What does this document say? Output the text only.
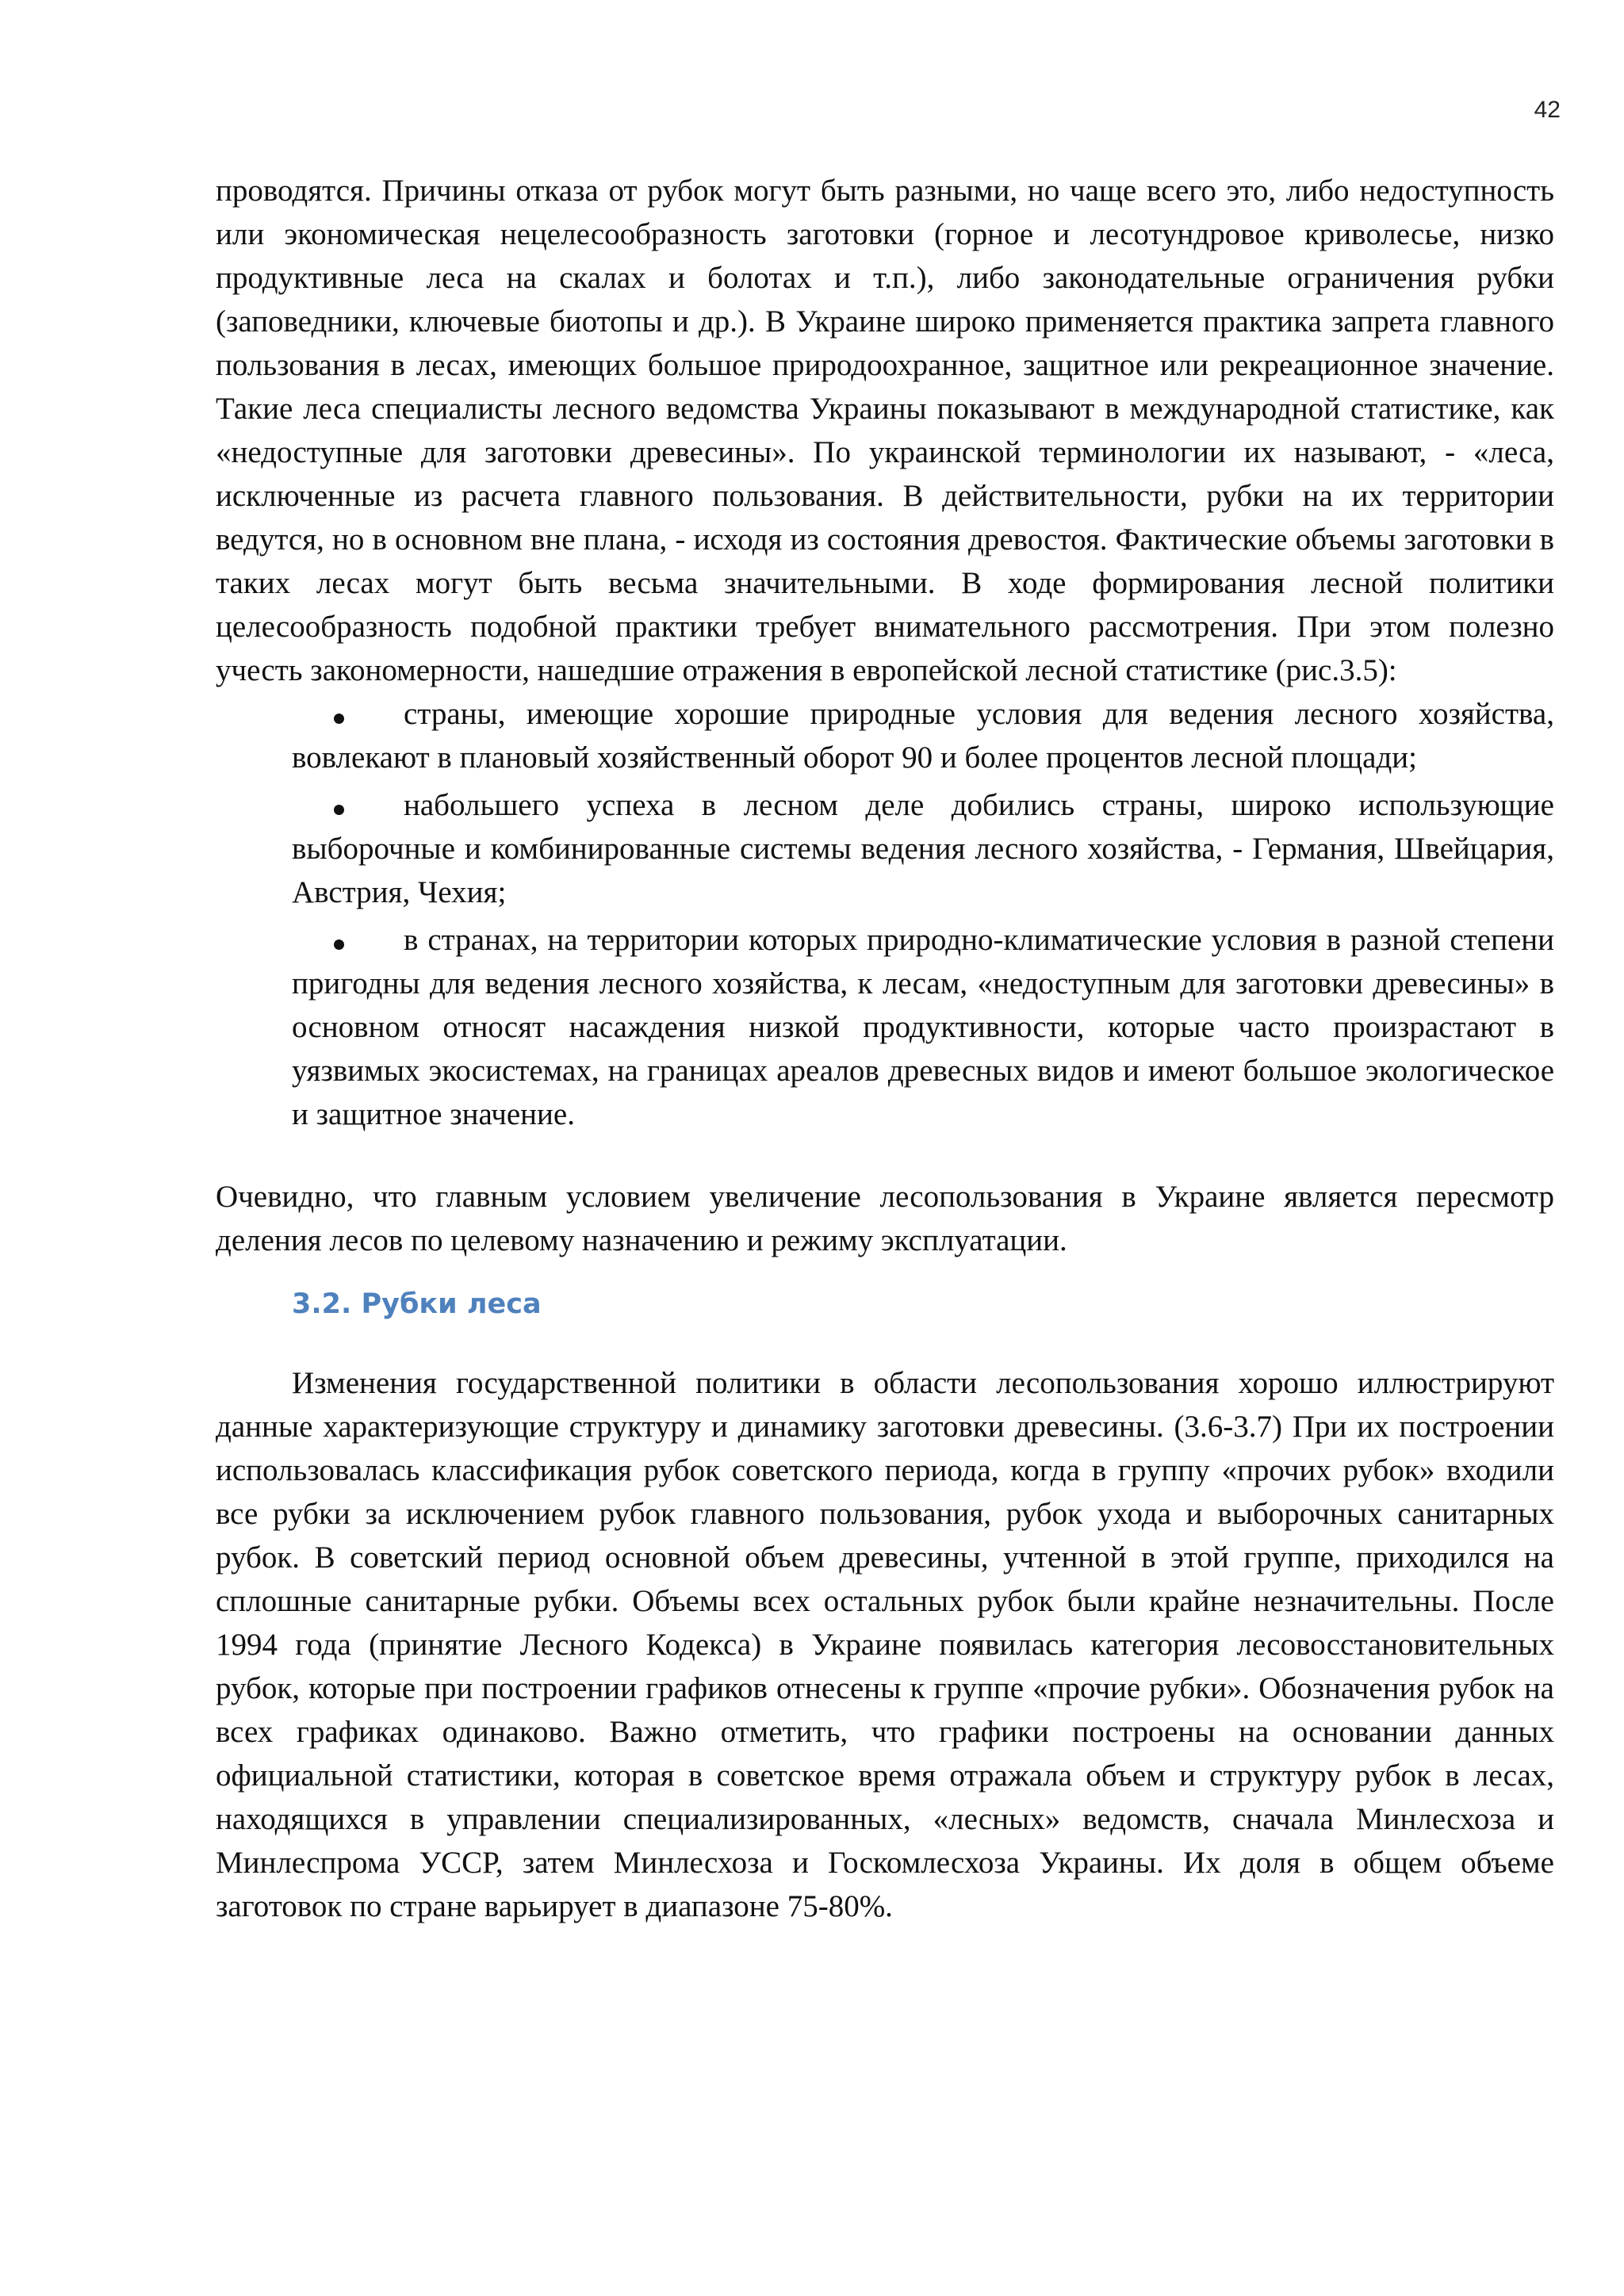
42

проводятся. Причины отказа от рубок могут быть разными, но чаще всего это, либо недоступность или экономическая нецелесообразность заготовки (горное и лесотундровое криволесье, низко продуктивные леса на скалах и болотах и т.п.), либо законодательные ограничения рубки (заповедники, ключевые биотопы и др.). В Украине широко применяется практика запрета главного пользования в лесах, имеющих большое природоохранное, защитное или рекреационное значение. Такие леса специалисты лесного ведомства Украины показывают в международной статистике, как «недоступные для заготовки древесины». По украинской терминологии их называют, - «леса, исключенные из расчета главного пользования. В действительности, рубки на их территории ведутся, но в основном вне плана, - исходя из состояния древостоя. Фактические объемы заготовки в таких лесах могут быть весьма значительными. В ходе формирования лесной политики целесообразность подобной практики требует внимательного рассмотрения. При этом полезно учесть закономерности, нашедшие отражения в европейской лесной статистике (рис.3.5):

страны, имеющие хорошие природные условия для ведения лесного хозяйства, вовлекают в плановый хозяйственный оборот 90 и более процентов лесной площади;
набольшего успеха в лесном деле добились страны, широко использующие выборочные и комбинированные системы ведения лесного хозяйства, - Германия, Швейцария, Австрия, Чехия;
в странах, на территории которых природно-климатические условия в разной степени пригодны для ведения лесного хозяйства, к лесам, «недоступным для заготовки древесины» в основном относят насаждения низкой продуктивности, которые часто произрастают в уязвимых экосистемах, на границах ареалов древесных видов и имеют большое экологическое и защитное значение.

Очевидно, что главным условием увеличение лесопользования в Украине является пересмотр деления лесов по целевому назначению и режиму эксплуатации.

3.2. Рубки леса

Изменения государственной политики в области лесопользования хорошо иллюстрируют данные характеризующие структуру и динамику заготовки древесины. (3.6-3.7) При их построении использовалась классификация рубок советского периода, когда в группу «прочих рубок» входили все рубки за исключением рубок главного пользования, рубок ухода и выборочных санитарных рубок. В советский период основной объем древесины, учтенной в этой группе, приходился на сплошные санитарные рубки. Объемы всех остальных рубок были крайне незначительны. После 1994 года (принятие Лесного Кодекса) в Украине появилась категория лесовосстановительных рубок, которые при построении графиков отнесены к группе «прочие рубки». Обозначения рубок на всех графиках одинаково. Важно отметить, что графики построены на основании данных официальной статистики, которая в советское время отражала объем и структуру рубок в лесах, находящихся в управлении специализированных, «лесных» ведомств, сначала Минлесхоза и Минлеспрома УССР, затем Минлесхоза и Госкомлесхоза Украины. Их доля в общем объеме заготовок по стране варьирует в диапазоне 75-80%.
